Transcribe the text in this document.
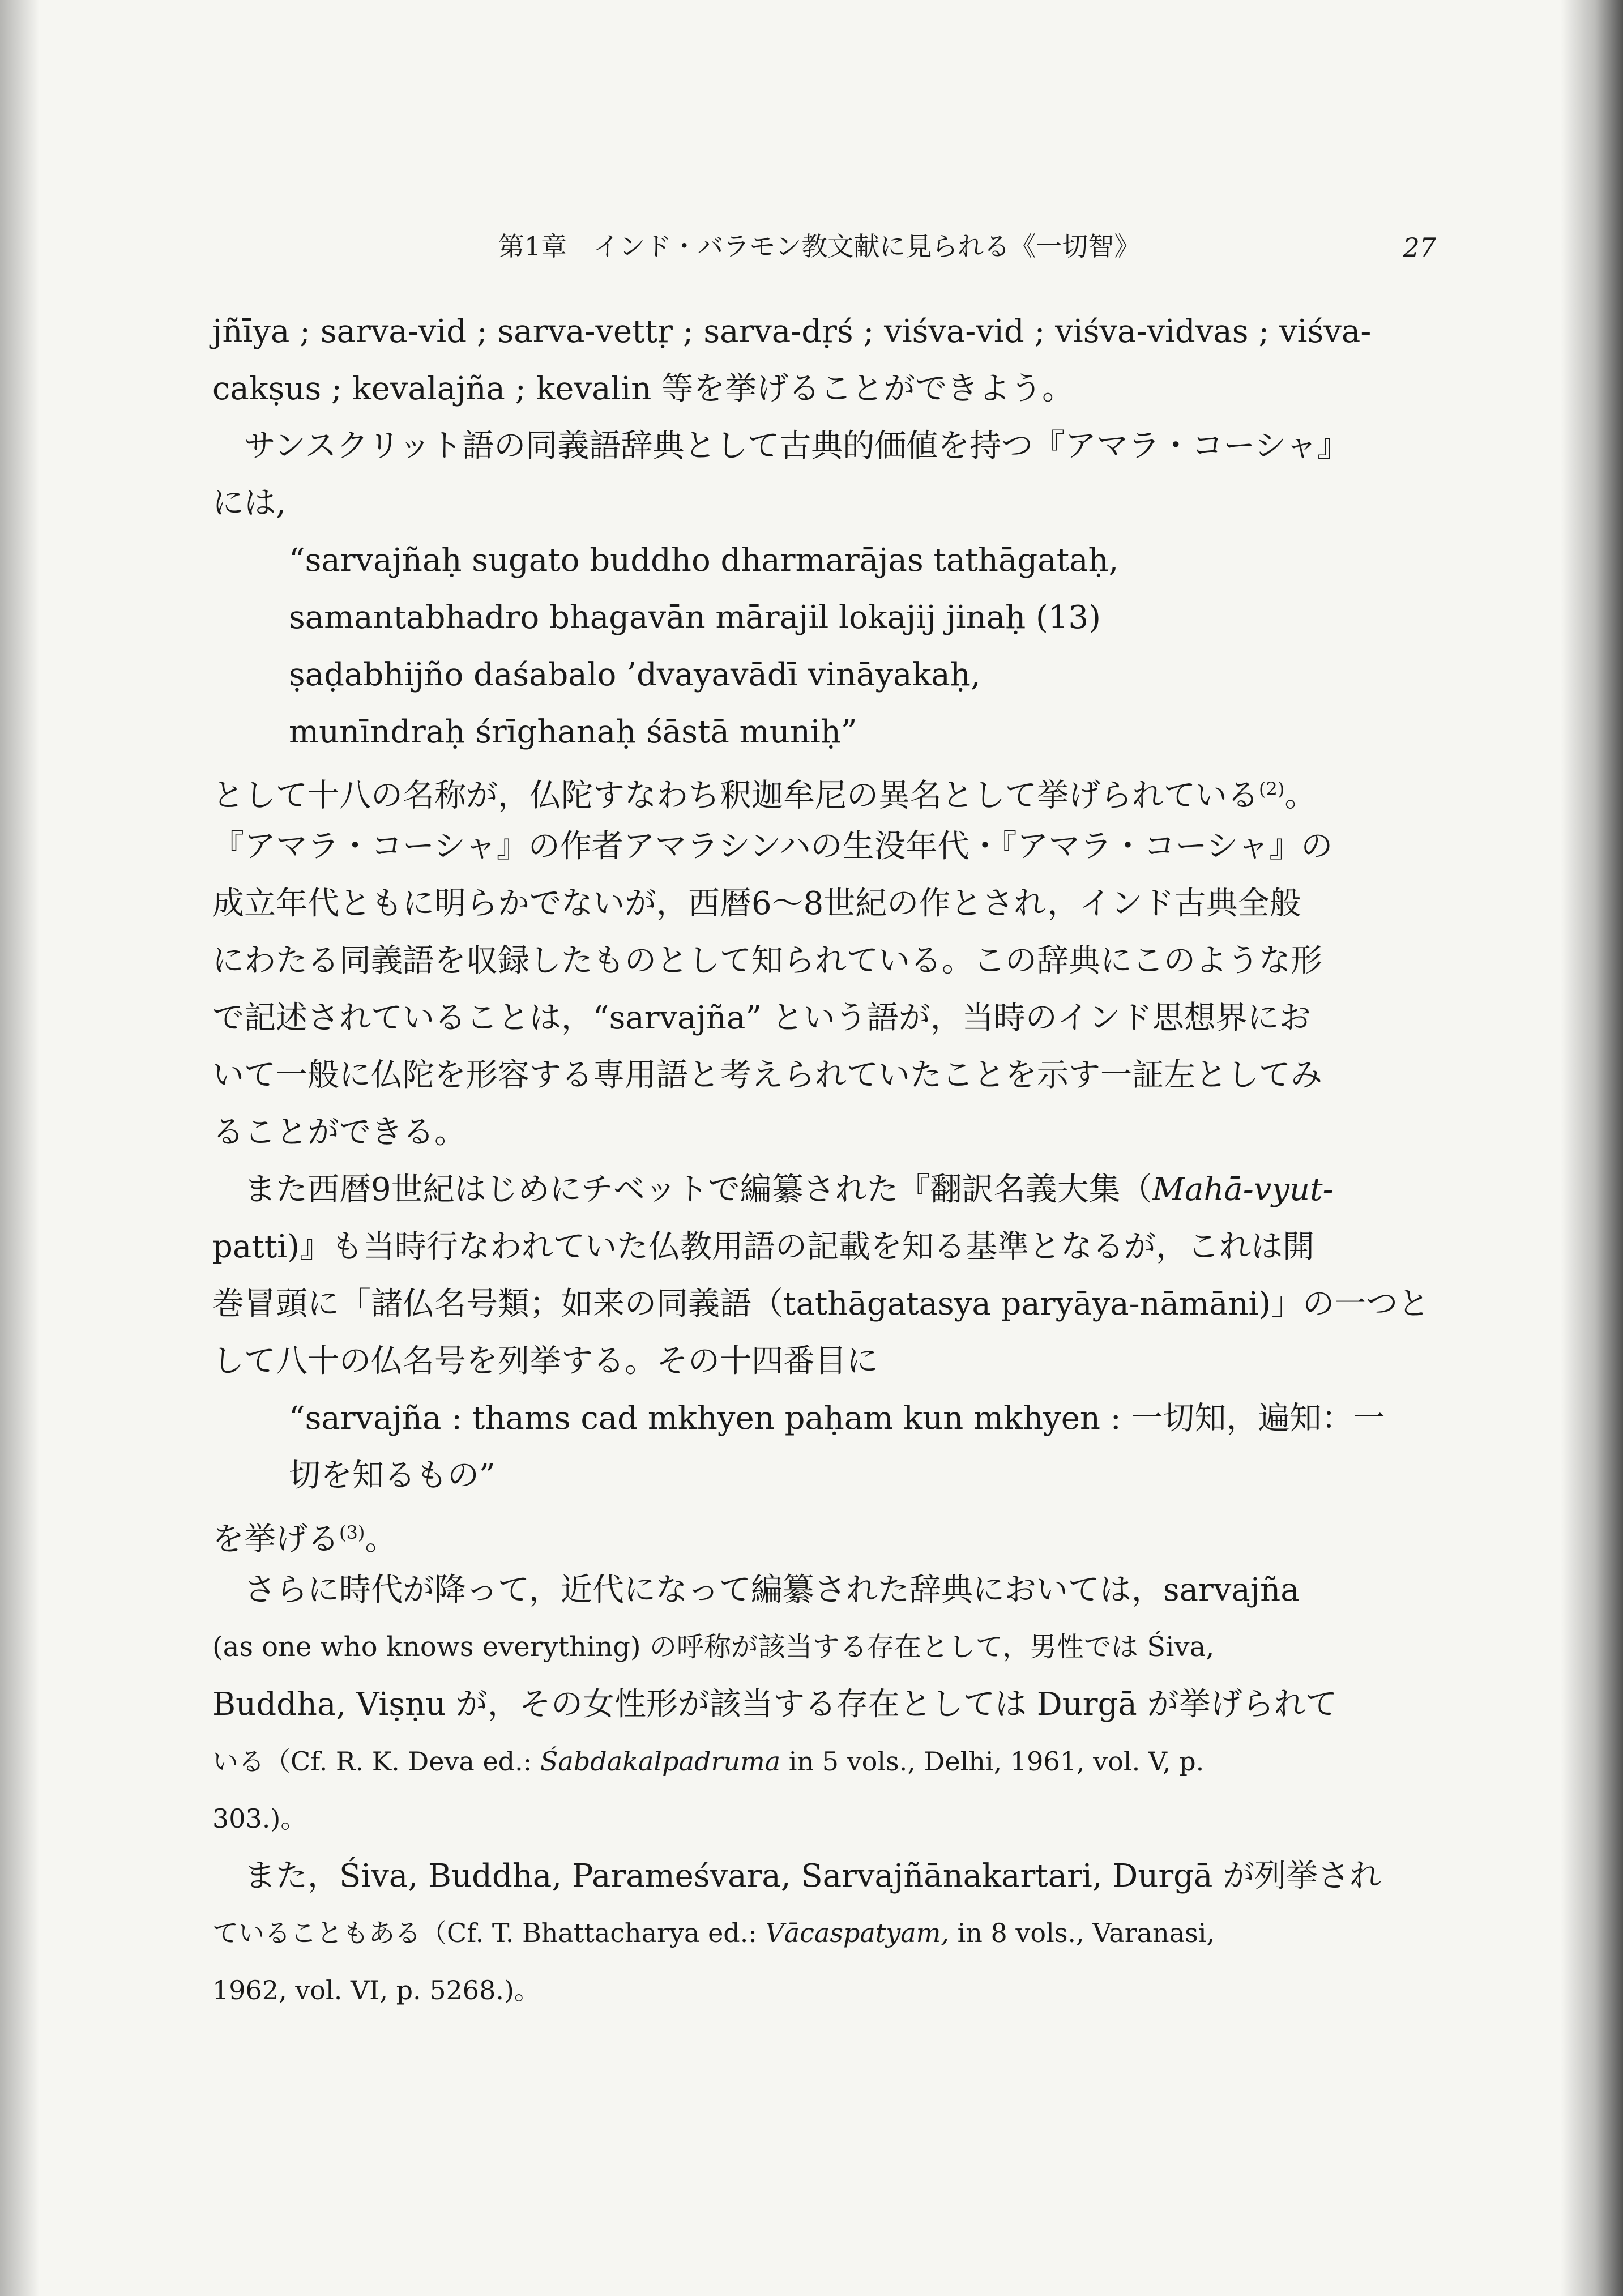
第1章　インド・バラモン教文献に見られる《一切智》	27
jñīya ; sarva-vid ; sarva-vettṛ ; sarva-dṛś ; viśva-vid ; viśva-vidvas ; viśva-
cakṣus ; kevalajña ; kevalin 等を挙げることができよう。
サンスクリット語の同義語辞典として古典的価値を持つ『アマラ・コーシャ』
には,
“sarvajñaḥ sugato buddho dharmarājas tathāgataḥ,
samantabhadro bhagavān mārajil lokajij jinaḥ (13)
ṣaḍabhijño daśabalo ’dvayavādī vināyakaḥ,
munīndraḥ śrīghanaḥ śāstā muniḥ”
として十八の名称が，仏陀すなわち釈迦牟尼の異名として挙げられている$^{(2)}$。
『アマラ・コーシャ』の作者アマラシンハの生没年代・『アマラ・コーシャ』の
成立年代ともに明らかでないが，西暦6～8世紀の作とされ，インド古典全般
にわたる同義語を収録したものとして知られている。この辞典にこのような形
で記述されていることは，“sarvajña” という語が，当時のインド思想界にお
いて一般に仏陀を形容する専用語と考えられていたことを示す一証左としてみ
ることができる。
また西暦9世紀はじめにチベットで編纂された『翻訳名義大集（Mahā-vyut-
patti)』も当時行なわれていた仏教用語の記載を知る基準となるが，これは開
巻冒頭に「諸仏名号類；如来の同義語（tathāgatasya paryāya-nāmāni)」の一つと
して八十の仏名号を列挙する。その十四番目に
“sarvajña : thams cad mkhyen paḥam kun mkhyen : 一切知，遍知：一
切を知るもの”
を挙げる$^{(3)}$。
さらに時代が降って，近代になって編纂された辞典においては，sarvajña
(as one who knows everything) の呼称が該当する存在として，男性では Śiva,
Buddha, Viṣṇu が，その女性形が該当する存在としては Durgā が挙げられて
いる（Cf. R. K. Deva ed.: Śabdakalpadruma in 5 vols., Delhi, 1961, vol. V, p.
303.)。
また，Śiva, Buddha, Parameśvara, Sarvajñānakartari, Durgā が列挙され
ていることもある（Cf. T. Bhattacharya ed.: Vācaspatyam, in 8 vols., Varanasi,
1962, vol. VI, p. 5268.)。
